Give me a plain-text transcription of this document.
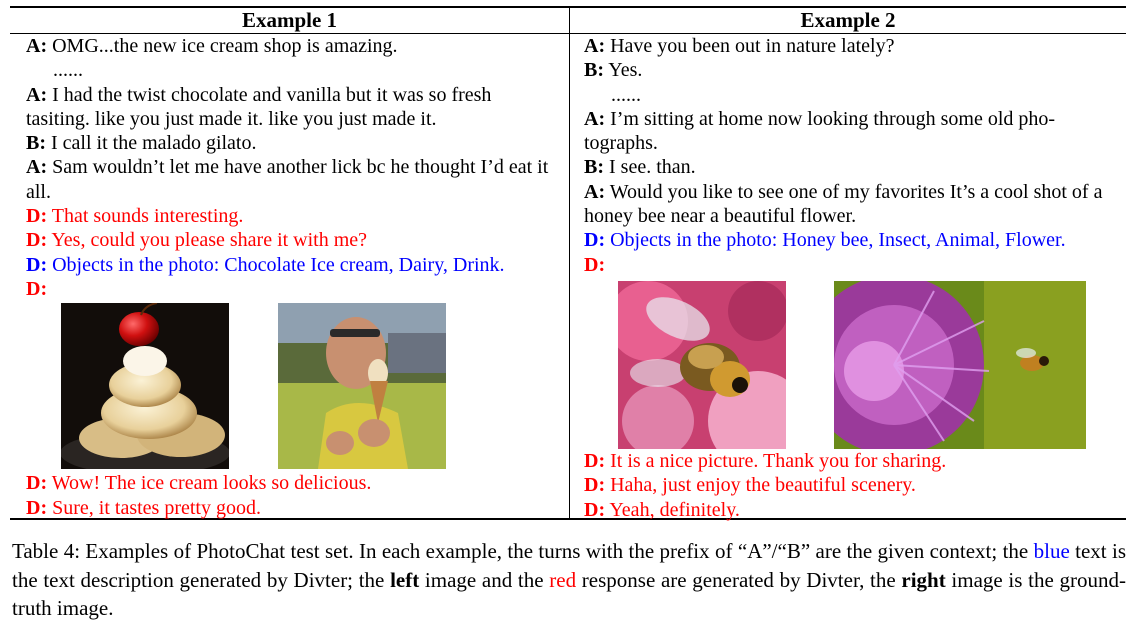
Example 1	Example 2
A: OMG...the new ice cream shop is amazing.
......
A: I had the twist chocolate and vanilla but it was so fresh tasiting. like you just made it. like you just made it.
B: I call it the malado gilato.
A: Sam wouldn’t let me have another lick bc he thought I’d eat it all.
D: That sounds interesting.
D: Yes, could you please share it with me?
D: Objects in the photo: Chocolate Ice cream, Dairy, Drink.
D:
D: Wow! The ice cream looks so delicious.
D: Sure, it tastes pretty good.
A: Have you been out in nature lately?
B: Yes.
......
A: I’m sitting at home now looking through some old pho-tographs.
B: I see. than.
A: Would you like to see one of my favorites It’s a cool shot of a honey bee near a beautiful flower.
D: Objects in the photo: Honey bee, Insect, Animal, Flower.
D:
D: It is a nice picture. Thank you for sharing.
D: Haha, just enjoy the beautiful scenery.
D: Yeah, definitely.
Table 4: Examples of PhotoChat test set. In each example, the turns with the prefix of “A”/“B” are the given context; the blue text is the text description generated by Divter; the left image and the red response are generated by Divter, the right image is the ground-truth image.
